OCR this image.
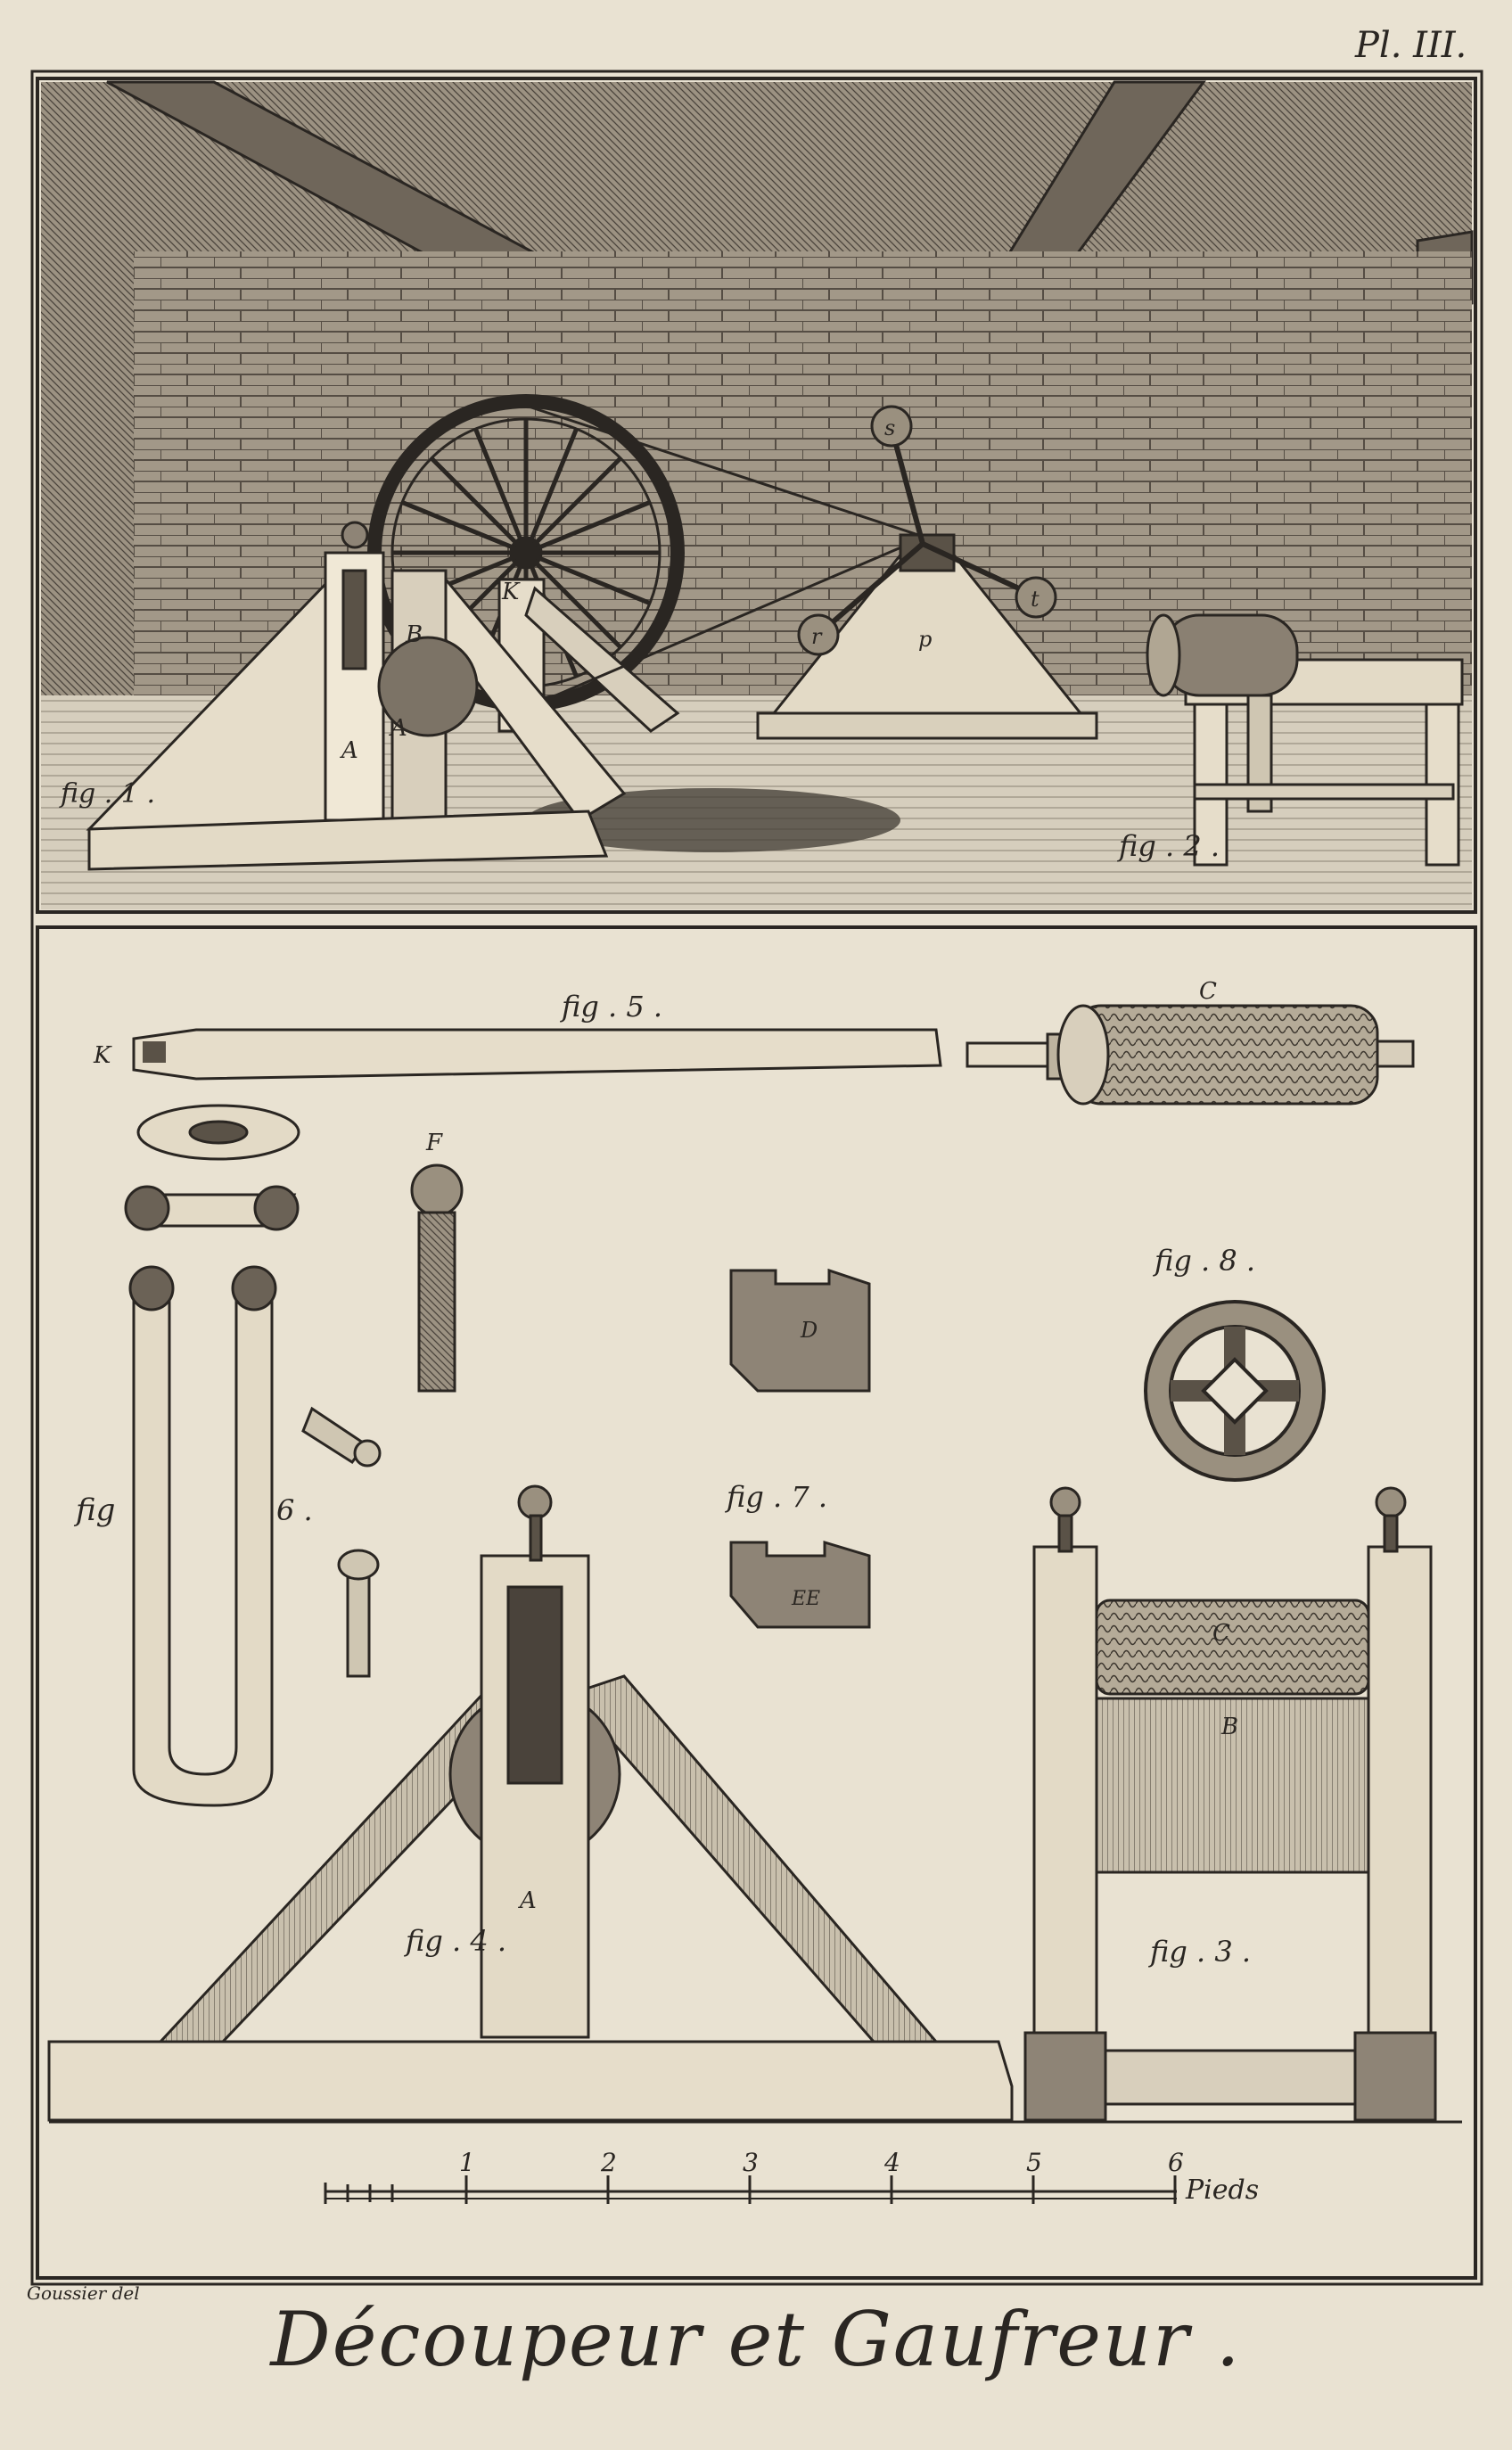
fig . 1 .
fig . 2 .
A
A
B
K
s
r
t
p
fig . 5 .
K
C
F
fig	6 .	fig . 7 .
fig . 8 .
D
EE
fig . 4 .
A
fig . 3 .
B
C
1	2	3	4	5	6
Pieds
Pl. III.
Goussier del
Découpeur et Gaufreur .
